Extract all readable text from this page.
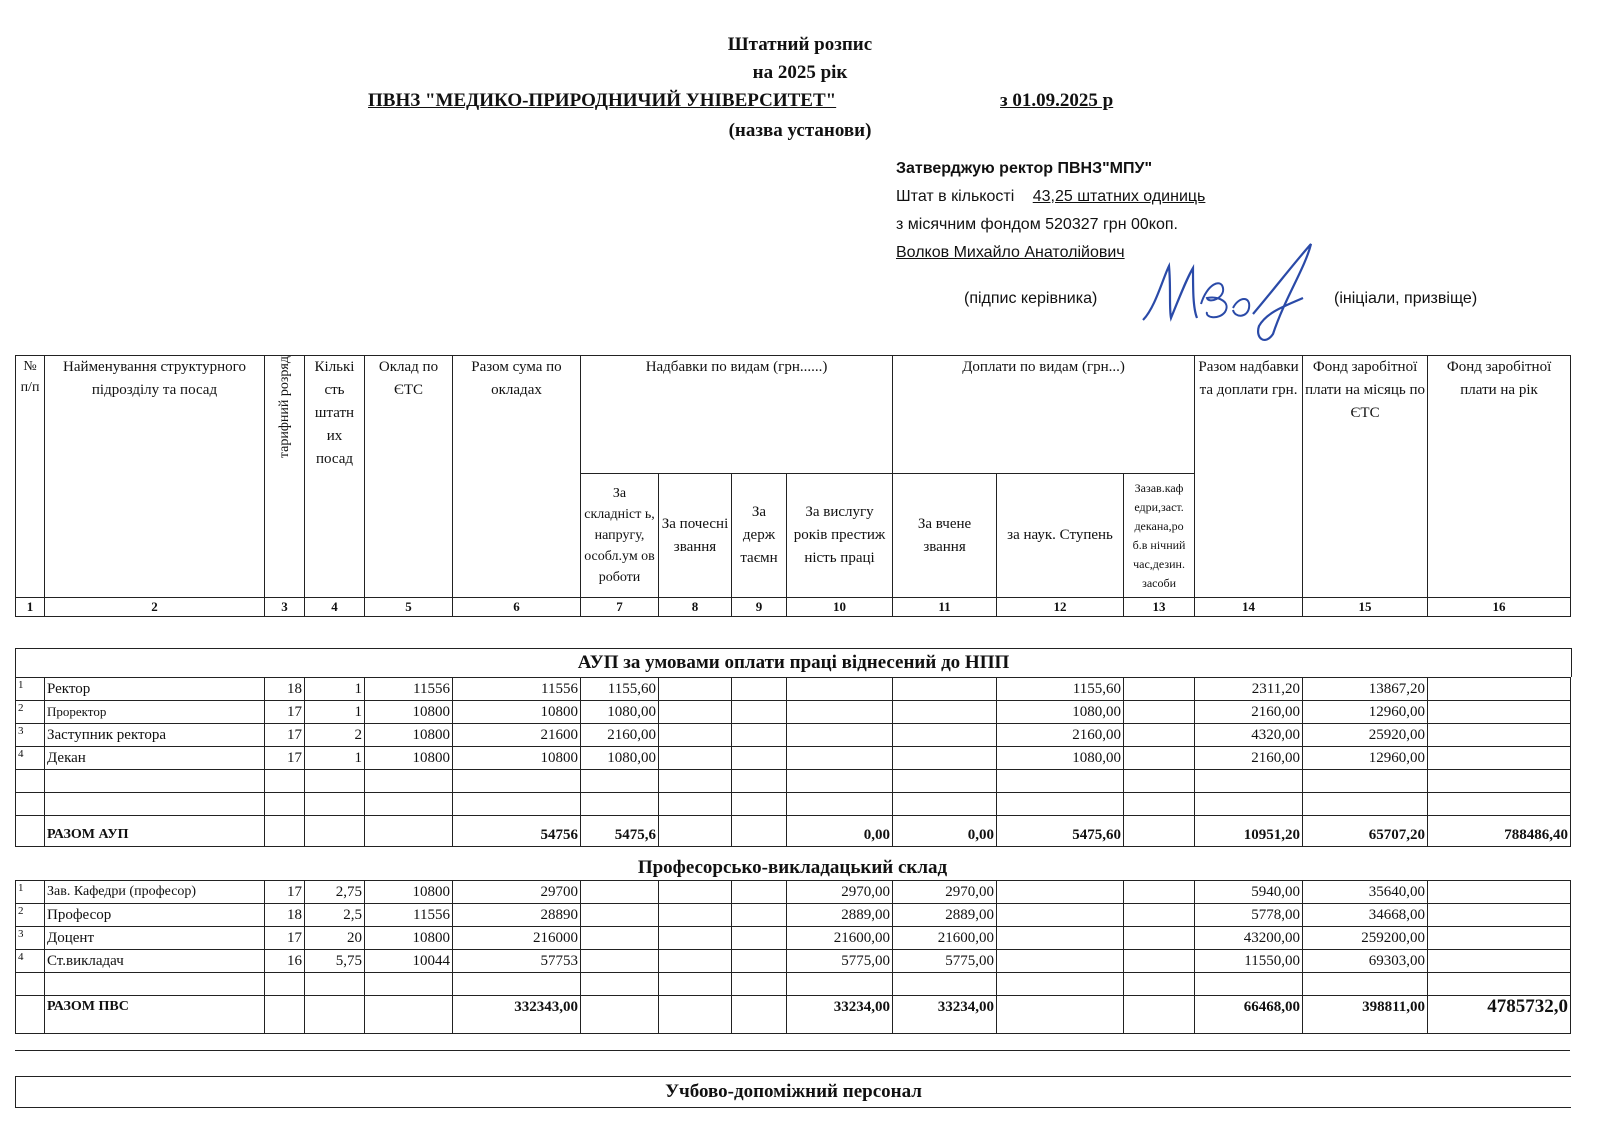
Штатний розпис
на 2025 рік
ПВНЗ "МЕДИКО-ПРИРОДНИЧИЙ УНІВЕРСИТЕТ"	з 01.09.2025 р
(назва установи)
Затверджую ректор ПВНЗ"МПУ"
Штат в кількості 43,25 штатних одиниць
з місячним фондом 520327 грн 00коп.
Волков Михайло Анатолійович
(підпис керівника)	(ініціали, призвіще)
№ п/п	Найменування структурного підроздiлу та посад	тарифний розряд	Кількі сть штатн их посад	Оклад по ЄТС	Разом сума по окладах	Надбавки по видам (грн......)				Доплати по видам (грн...)			Разом надбавки та доплати грн.	Фонд заробітної плати на місяць по ЄТС	Фонд заробітної плати на рік
						За складніст ь, напругу, особл.ум ов роботи	За почесні звання	За держ таємн	За вислугу років престиж ність праці	За вчене звання	за наук. Ступень	Зазав.каф едри,заст. декана,ро б.в нічний час,дезин. засоби			
1	2	3	4	5	6	7	8	9	10	11	12	13	14	15	16
АУП за умовами оплати праці віднесений до НПП
1	Ректор	18	1	11556	11556	1155,60					1155,60		2311,20	13867,20	

2	Проректор	17	1	10800	10800	1080,00					1080,00		2160,00	12960,00	

3	Заступник ректора	17	2	10800	21600	2160,00					2160,00		4320,00	25920,00	

4	Декан	17	1	10800	10800	1080,00					1080,00		2160,00	12960,00	

	РАЗОМ АУП				54756	5475,6			0,00	0,00	5475,60		10951,20	65707,20	788486,40
Професорсько-викладацький склад
1	Зав. Кафедри (професор)	17	2,75	10800	29700				2970,00	2970,00			5940,00	35640,00	

2	Професор	18	2,5	11556	28890				2889,00	2889,00			5778,00	34668,00	

3	Доцент	17	20	10800	216000				21600,00	21600,00			43200,00	259200,00	

4	Ст.викладач	16	5,75	10044	57753				5775,00	5775,00			11550,00	69303,00	

	РАЗОМ ПВС				332343,00				33234,00	33234,00			66468,00	398811,00	4785732,0
Учбово-допоміжний персонал
